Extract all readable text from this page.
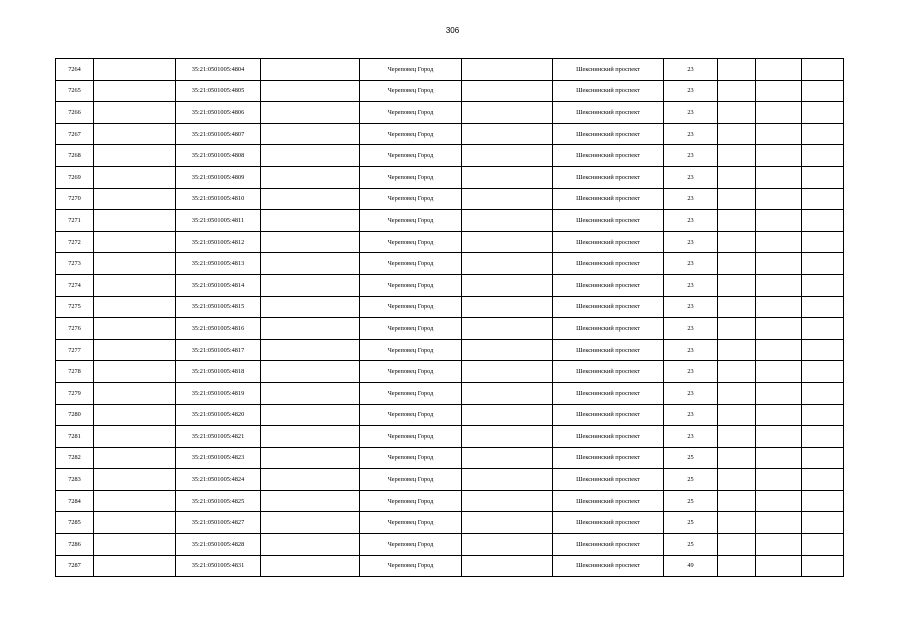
306
7264		35:21:0501005:4804		Череповец Город		Шекснинский проспект	23			
7265		35:21:0501005:4805		Череповец Город		Шекснинский проспект	23			
7266		35:21:0501005:4806		Череповец Город		Шекснинский проспект	23			
7267		35:21:0501005:4807		Череповец Город		Шекснинский проспект	23			
7268		35:21:0501005:4808		Череповец Город		Шекснинский проспект	23			
7269		35:21:0501005:4809		Череповец Город		Шекснинский проспект	23			
7270		35:21:0501005:4810		Череповец Город		Шекснинский проспект	23			
7271		35:21:0501005:4811		Череповец Город		Шекснинский проспект	23			
7272		35:21:0501005:4812		Череповец Город		Шекснинский проспект	23			
7273		35:21:0501005:4813		Череповец Город		Шекснинский проспект	23			
7274		35:21:0501005:4814		Череповец Город		Шекснинский проспект	23			
7275		35:21:0501005:4815		Череповец Город		Шекснинский проспект	23			
7276		35:21:0501005:4816		Череповец Город		Шекснинский проспект	23			
7277		35:21:0501005:4817		Череповец Город		Шекснинский проспект	23			
7278		35:21:0501005:4818		Череповец Город		Шекснинский проспект	23			
7279		35:21:0501005:4819		Череповец Город		Шекснинский проспект	23			
7280		35:21:0501005:4820		Череповец Город		Шекснинский проспект	23			
7281		35:21:0501005:4821		Череповец Город		Шекснинский проспект	23			
7282		35:21:0501005:4823		Череповец Город		Шекснинский проспект	25			
7283		35:21:0501005:4824		Череповец Город		Шекснинский проспект	25			
7284		35:21:0501005:4825		Череповец Город		Шекснинский проспект	25			
7285		35:21:0501005:4827		Череповец Город		Шекснинский проспект	25			
7286		35:21:0501005:4828		Череповец Город		Шекснинский проспект	25			
7287		35:21:0501005:4831		Череповец Город		Шекснинский проспект	49			
